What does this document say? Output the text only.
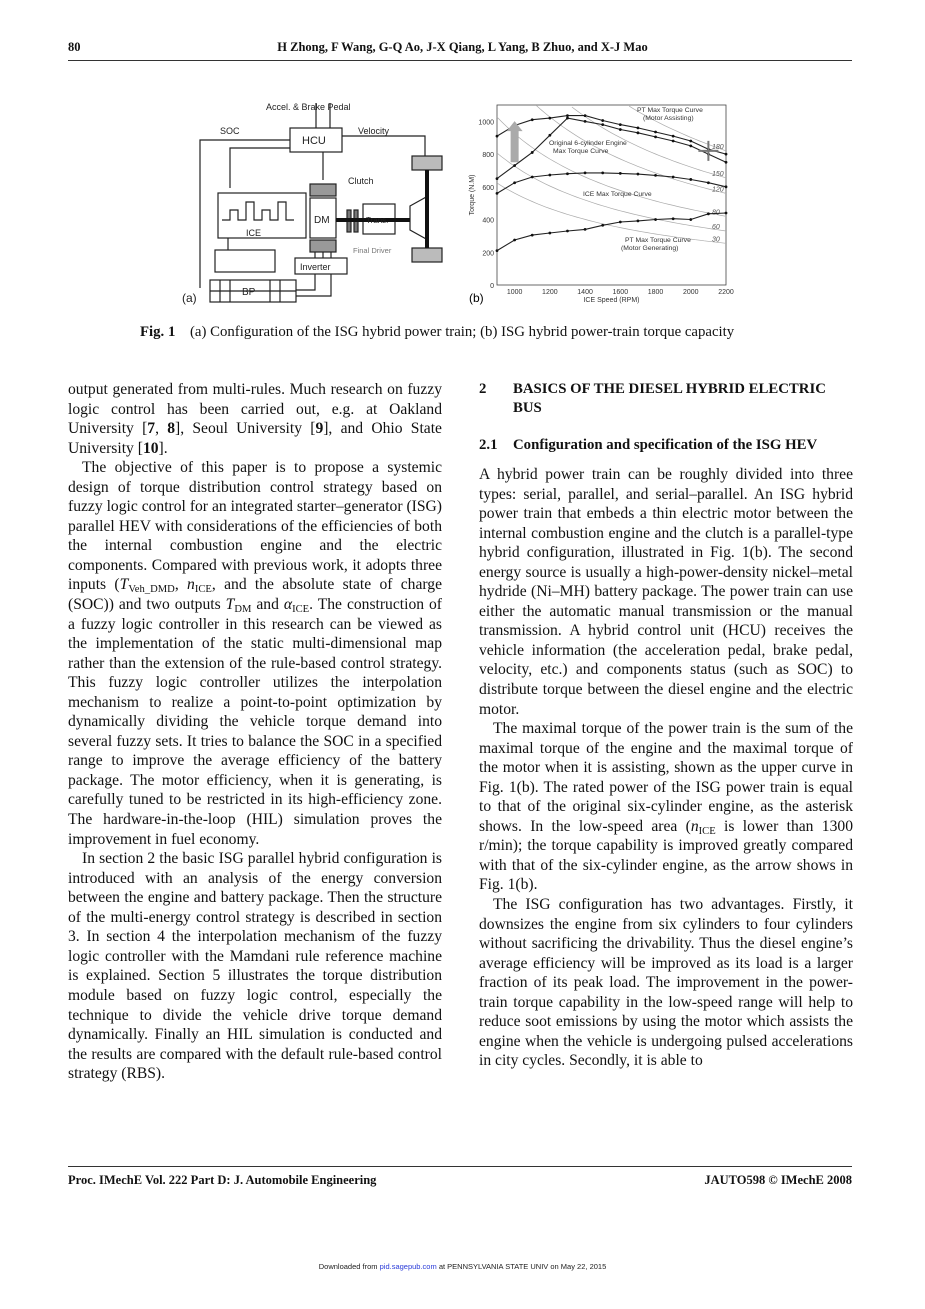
80	H Zhong, F Wang, G-Q Ao, J-X Qiang, L Yang, B Zhuo, and X-J Mao
Accel. & Brake Pedal
SOC
HCU
Velocity
Clutch
DM	Trans.
ICE
Final Driver
Inverter
BP
(a)
0
200
400
600
800
1000
1000	1200	1400	1600	1800	2000	2200
ICE Speed (RPM)
Torque (N.M)
180
150
120
80
60
30
PT Max Torque Curve
(Motor Assisting)
Original 6-cylinder Engine
Max Torque Curve
ICE Max Torque Curve
PT Max Torque Curve
(Motor Generating)
(b)
Fig. 1 (a) Configuration of the ISG hybrid power train; (b) ISG hybrid power-train torque capacity

output generated from multi-rules. Much research on fuzzy logic control has been carried out, e.g. at Oakland University [7, 8], Seoul University [9], and Ohio State University [10].

The objective of this paper is to propose a systemic design of torque distribution control strategy based on fuzzy logic control for an integrated starter–generator (ISG) parallel HEV with considerations of the efficiencies of both the internal combustion engine and the electric components. Compared with previous work, it adopts three inputs ($T_{Veh\_DMD}$, $n_{ICE}$, and the absolute state of charge (SOC)) and two outputs $T_{DM}$ and $\alpha_{ICE}$. The construction of a fuzzy logic controller in this research can be viewed as the implementation of the static multi-dimensional map rather than the extension of the rule-based control strategy. This fuzzy logic controller utilizes the interpolation mechanism to realize a point-to-point optimization by dynamically dividing the vehicle torque demand into several fuzzy sets. It tries to balance the SOC in a specified range to improve the average efficiency of the battery package. The motor efficiency, when it is generating, is carefully tuned to be restricted in its high-efficiency zone. The hardware-in-the-loop (HIL) simulation proves the improvement in fuel economy.

In section 2 the basic ISG parallel hybrid configuration is introduced with an analysis of the energy conversion between the engine and battery package. Then the structure of the multi-energy control strategy is described in section 3. In section 4 the interpolation mechanism of the fuzzy logic controller with the Mamdani rule reference machine is explained. Section 5 illustrates the torque distribution module based on fuzzy logic control, especially the technique to divide the vehicle drive torque demand dynamically. Finally an HIL simulation is conducted and the results are compared with the default rule-based control strategy (RBS).

2	BASICS OF THE DIESEL HYBRID ELECTRIC BUS
2.1	Configuration and specification of the ISG HEV

A hybrid power train can be roughly divided into three types: serial, parallel, and serial–parallel. An ISG hybrid power train that embeds a thin electric motor between the internal combustion engine and the clutch is a parallel-type hybrid configuration, illustrated in Fig. 1(b). The second energy source is usually a high-power-density nickel–metal hydride (Ni–MH) battery package. The power train can use either the automatic manual transmission or the manual transmission. A hybrid control unit (HCU) receives the vehicle information (the acceleration pedal, brake pedal, velocity, etc.) and components status (such as SOC) to distribute torque between the diesel engine and the electric motor.

The maximal torque of the power train is the sum of the maximal torque of the engine and the maximal torque of the motor when it is assisting, shown as the upper curve in Fig. 1(b). The rated power of the ISG power train is equal to that of the original six-cylinder engine, as the asterisk shows. In the low-speed area ($n_{ICE}$ is lower than 1300 r/min); the torque capability is improved greatly compared with that of the six-cylinder engine, as the arrow shows in Fig. 1(b).

The ISG configuration has two advantages. Firstly, it downsizes the engine from six cylinders to four cylinders without sacrificing the drivability. Thus the diesel engine’s average efficiency will be improved as its load is a larger fraction of its peak load. The improvement in the power-train torque capability in the low-speed range will help to reduce soot emissions by using the motor which assists the engine when the vehicle is undergoing pulsed accelerations in city cycles. Secondly, it is able to

Proc. IMechE Vol. 222 Part D: J. Automobile Engineering	JAUTO598 © IMechE 2008
Downloaded from pid.sagepub.com at PENNSYLVANIA STATE UNIV on May 22, 2015
